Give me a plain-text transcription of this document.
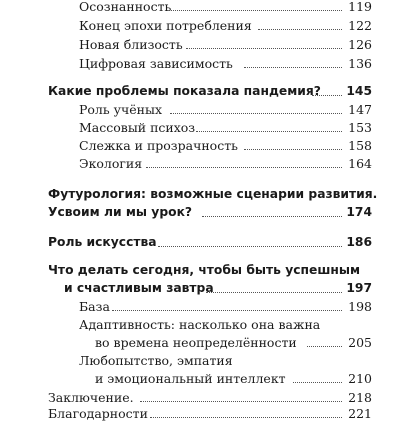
Осознанность	119
Конец эпохи потребления	122
Новая близость	126
Цифровая зависимость	136
Какие проблемы показала пандемия? 145
Роль учёных	147
Массовый психоз	153
Слежка и прозрачность	158
Экология	164
Футурология: возможные сценарии развития.
Усвоим ли мы урок?	174
Роль искусства	186
Что делать сегодня, чтобы быть успешным
и счастливым завтра	197
База	198
Адаптивность: насколько она важна
во времена неопределённости	205
Любопытство, эмпатия
и эмоциональный интеллект	210
Заключение.	218
Благодарности	221
